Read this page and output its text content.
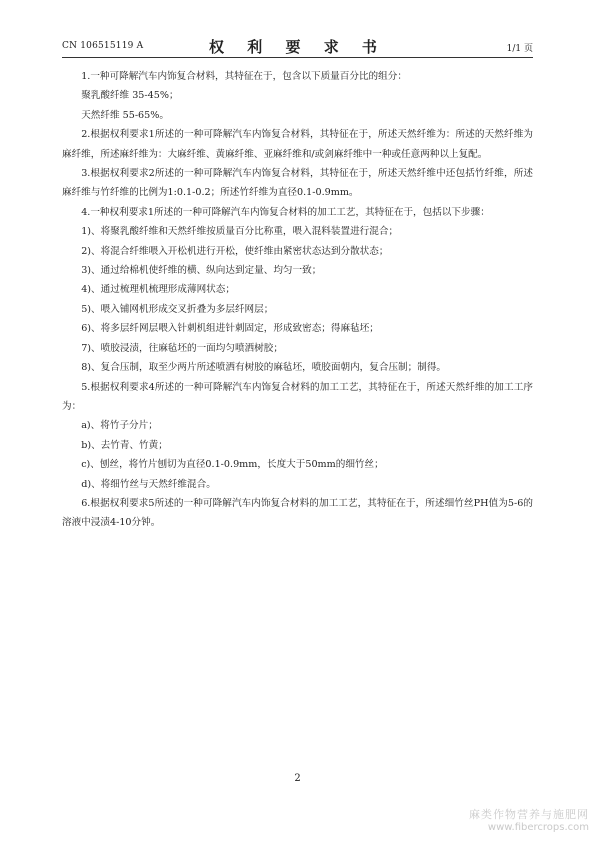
CN 106515119 A	权 利 要 求 书	1/1 页

1.一种可降解汽车内饰复合材料，其特征在于，包含以下质量百分比的组分：

聚乳酸纤维 35-45%；

天然纤维 55-65%。

2.根据权利要求1所述的一种可降解汽车内饰复合材料，其特征在于，所述天然纤维为：所述的天然纤维为麻纤维，所述麻纤维为：大麻纤维、黄麻纤维、亚麻纤维和/或剑麻纤维中一种或任意两种以上复配。

3.根据权利要求2所述的一种可降解汽车内饰复合材料，其特征在于，所述天然纤维中还包括竹纤维，所述麻纤维与竹纤维的比例为1:0.1-0.2；所述竹纤维为直径0.1-0.9mm。

4.一种权利要求1所述的一种可降解汽车内饰复合材料的加工工艺，其特征在于，包括以下步骤：

1)、将聚乳酸纤维和天然纤维按质量百分比称重，喂入混料装置进行混合；

2)、将混合纤维喂入开松机进行开松，使纤维由紧密状态达到分散状态；

3)、通过给棉机使纤维的横、纵向达到定量、均匀一致；

4)、通过梳理机梳理形成薄网状态；

5)、喂入铺网机形成交叉折叠为多层纤网层；

6)、将多层纤网层喂入针刺机组进针刺固定，形成致密态；得麻毡坯；

7)、喷胶浸渍，往麻毡坯的一面均匀喷洒树胶；

8)、复合压制，取至少两片所述喷洒有树胶的麻毡坯，喷胶面朝内，复合压制；制得。

5.根据权利要求4所述的一种可降解汽车内饰复合材料的加工工艺，其特征在于，所述天然纤维的加工工序为：

a)、将竹子分片；

b)、去竹青、竹黄；

c)、刨丝，将竹片刨切为直径0.1-0.9mm，长度大于50mm的细竹丝；

d)、将细竹丝与天然纤维混合。

6.根据权利要求5所述的一种可降解汽车内饰复合材料的加工工艺，其特征在于，所述细竹丝PH值为5-6的溶液中浸渍4-10分钟。

2
麻类作物营养与施肥网
www.fibercrops.com
